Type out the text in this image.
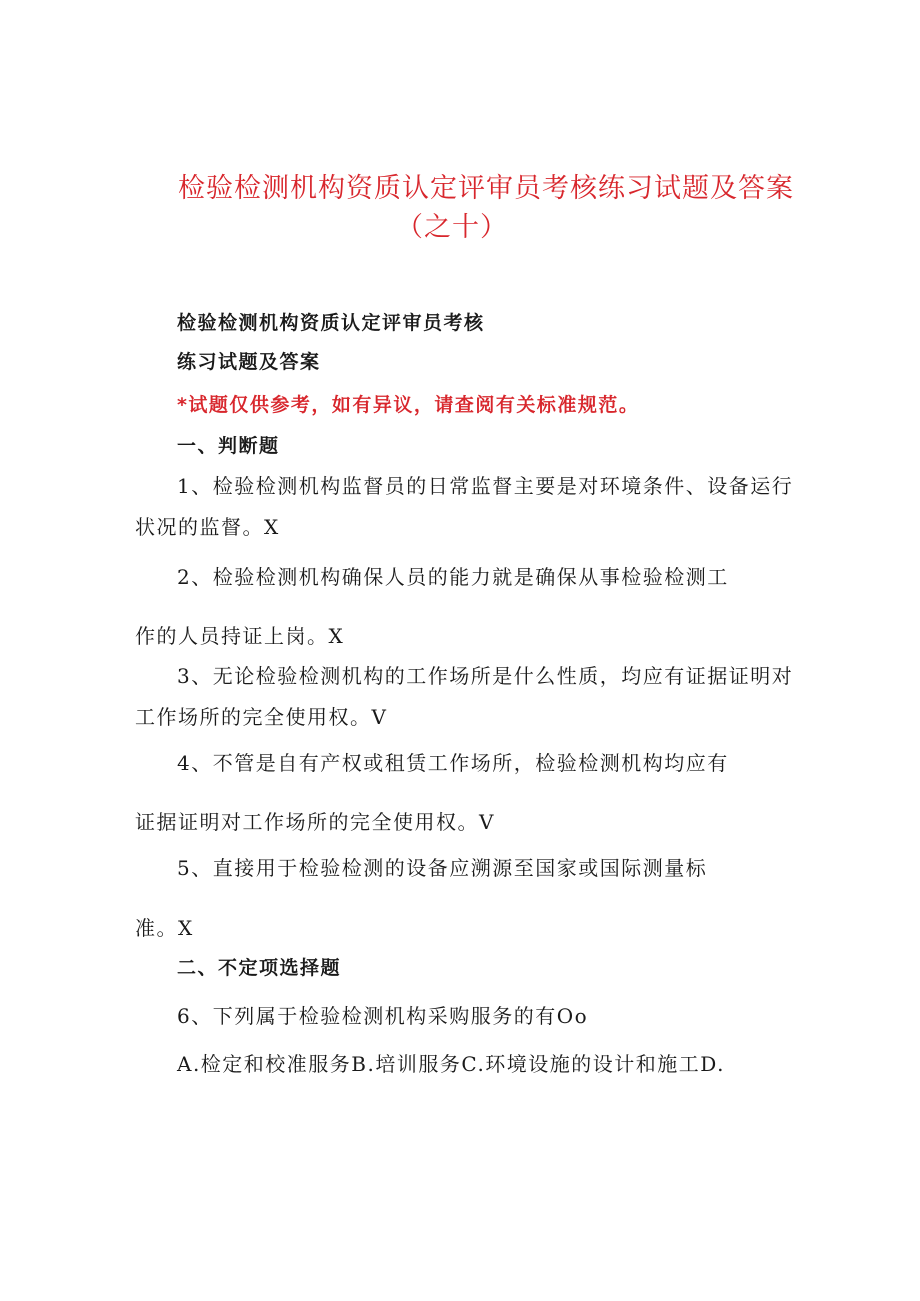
检验检测机构资质认定评审员考核练习试题及答案
（之十）
检验检测机构资质认定评审员考核
练习试题及答案
*试题仅供参考，如有异议，请查阅有关标准规范。
一、判断题
1、检验检测机构监督员的日常监督主要是对环境条件、设备运行
状况的监督。X
2、检验检测机构确保人员的能力就是确保从事检验检测工
作的人员持证上岗。X
3、无论检验检测机构的工作场所是什么性质，均应有证据证明对
工作场所的完全使用权。V
4、不管是自有产权或租赁工作场所，检验检测机构均应有
证据证明对工作场所的完全使用权。V
5、直接用于检验检测的设备应溯源至国家或国际测量标
准。X
二、不定项选择题
6、下列属于检验检测机构采购服务的有Oo
A.检定和校准服务B.培训服务C.环境设施的设计和施工D.
